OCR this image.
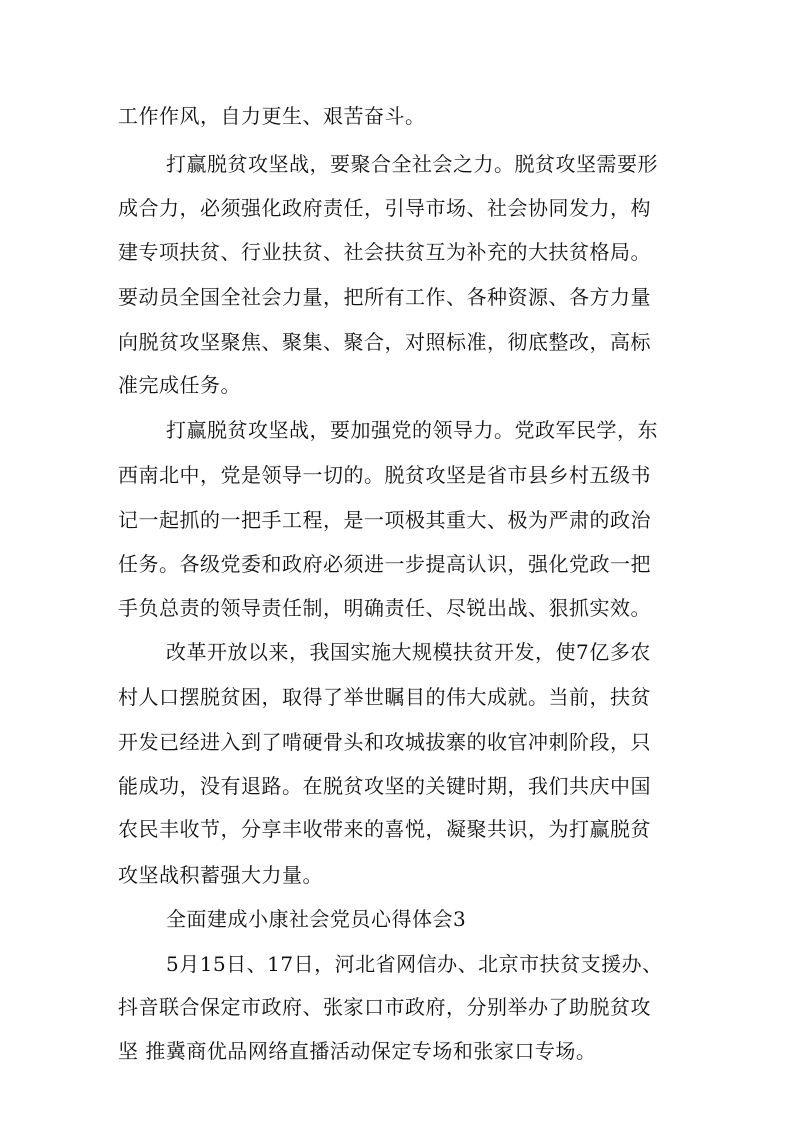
工作作风，自力更生、艰苦奋斗。
打赢脱贫攻坚战，要聚合全社会之力。脱贫攻坚需要形
成合力，必须强化政府责任，引导市场、社会协同发力，构
建专项扶贫、行业扶贫、社会扶贫互为补充的大扶贫格局。
要动员全国全社会力量，把所有工作、各种资源、各方力量
向脱贫攻坚聚焦、聚集、聚合，对照标准，彻底整改，高标
准完成任务。
打赢脱贫攻坚战，要加强党的领导力。党政军民学，东
西南北中，党是领导一切的。脱贫攻坚是省市县乡村五级书
记一起抓的一把手工程，是一项极其重大、极为严肃的政治
任务。各级党委和政府必须进一步提高认识，强化党政一把
手负总责的领导责任制，明确责任、尽锐出战、狠抓实效。
改革开放以来，我国实施大规模扶贫开发，使7亿多农
村人口摆脱贫困，取得了举世瞩目的伟大成就。当前，扶贫
开发已经进入到了啃硬骨头和攻城拔寨的收官冲刺阶段，只
能成功，没有退路。在脱贫攻坚的关键时期，我们共庆中国
农民丰收节，分享丰收带来的喜悦，凝聚共识，为打赢脱贫
攻坚战积蓄强大力量。
全面建成小康社会党员心得体会3
5月15日、17日，河北省网信办、北京市扶贫支援办、
抖音联合保定市政府、张家口市政府，分别举办了助脱贫攻
坚 推冀商优品网络直播活动保定专场和张家口专场。
